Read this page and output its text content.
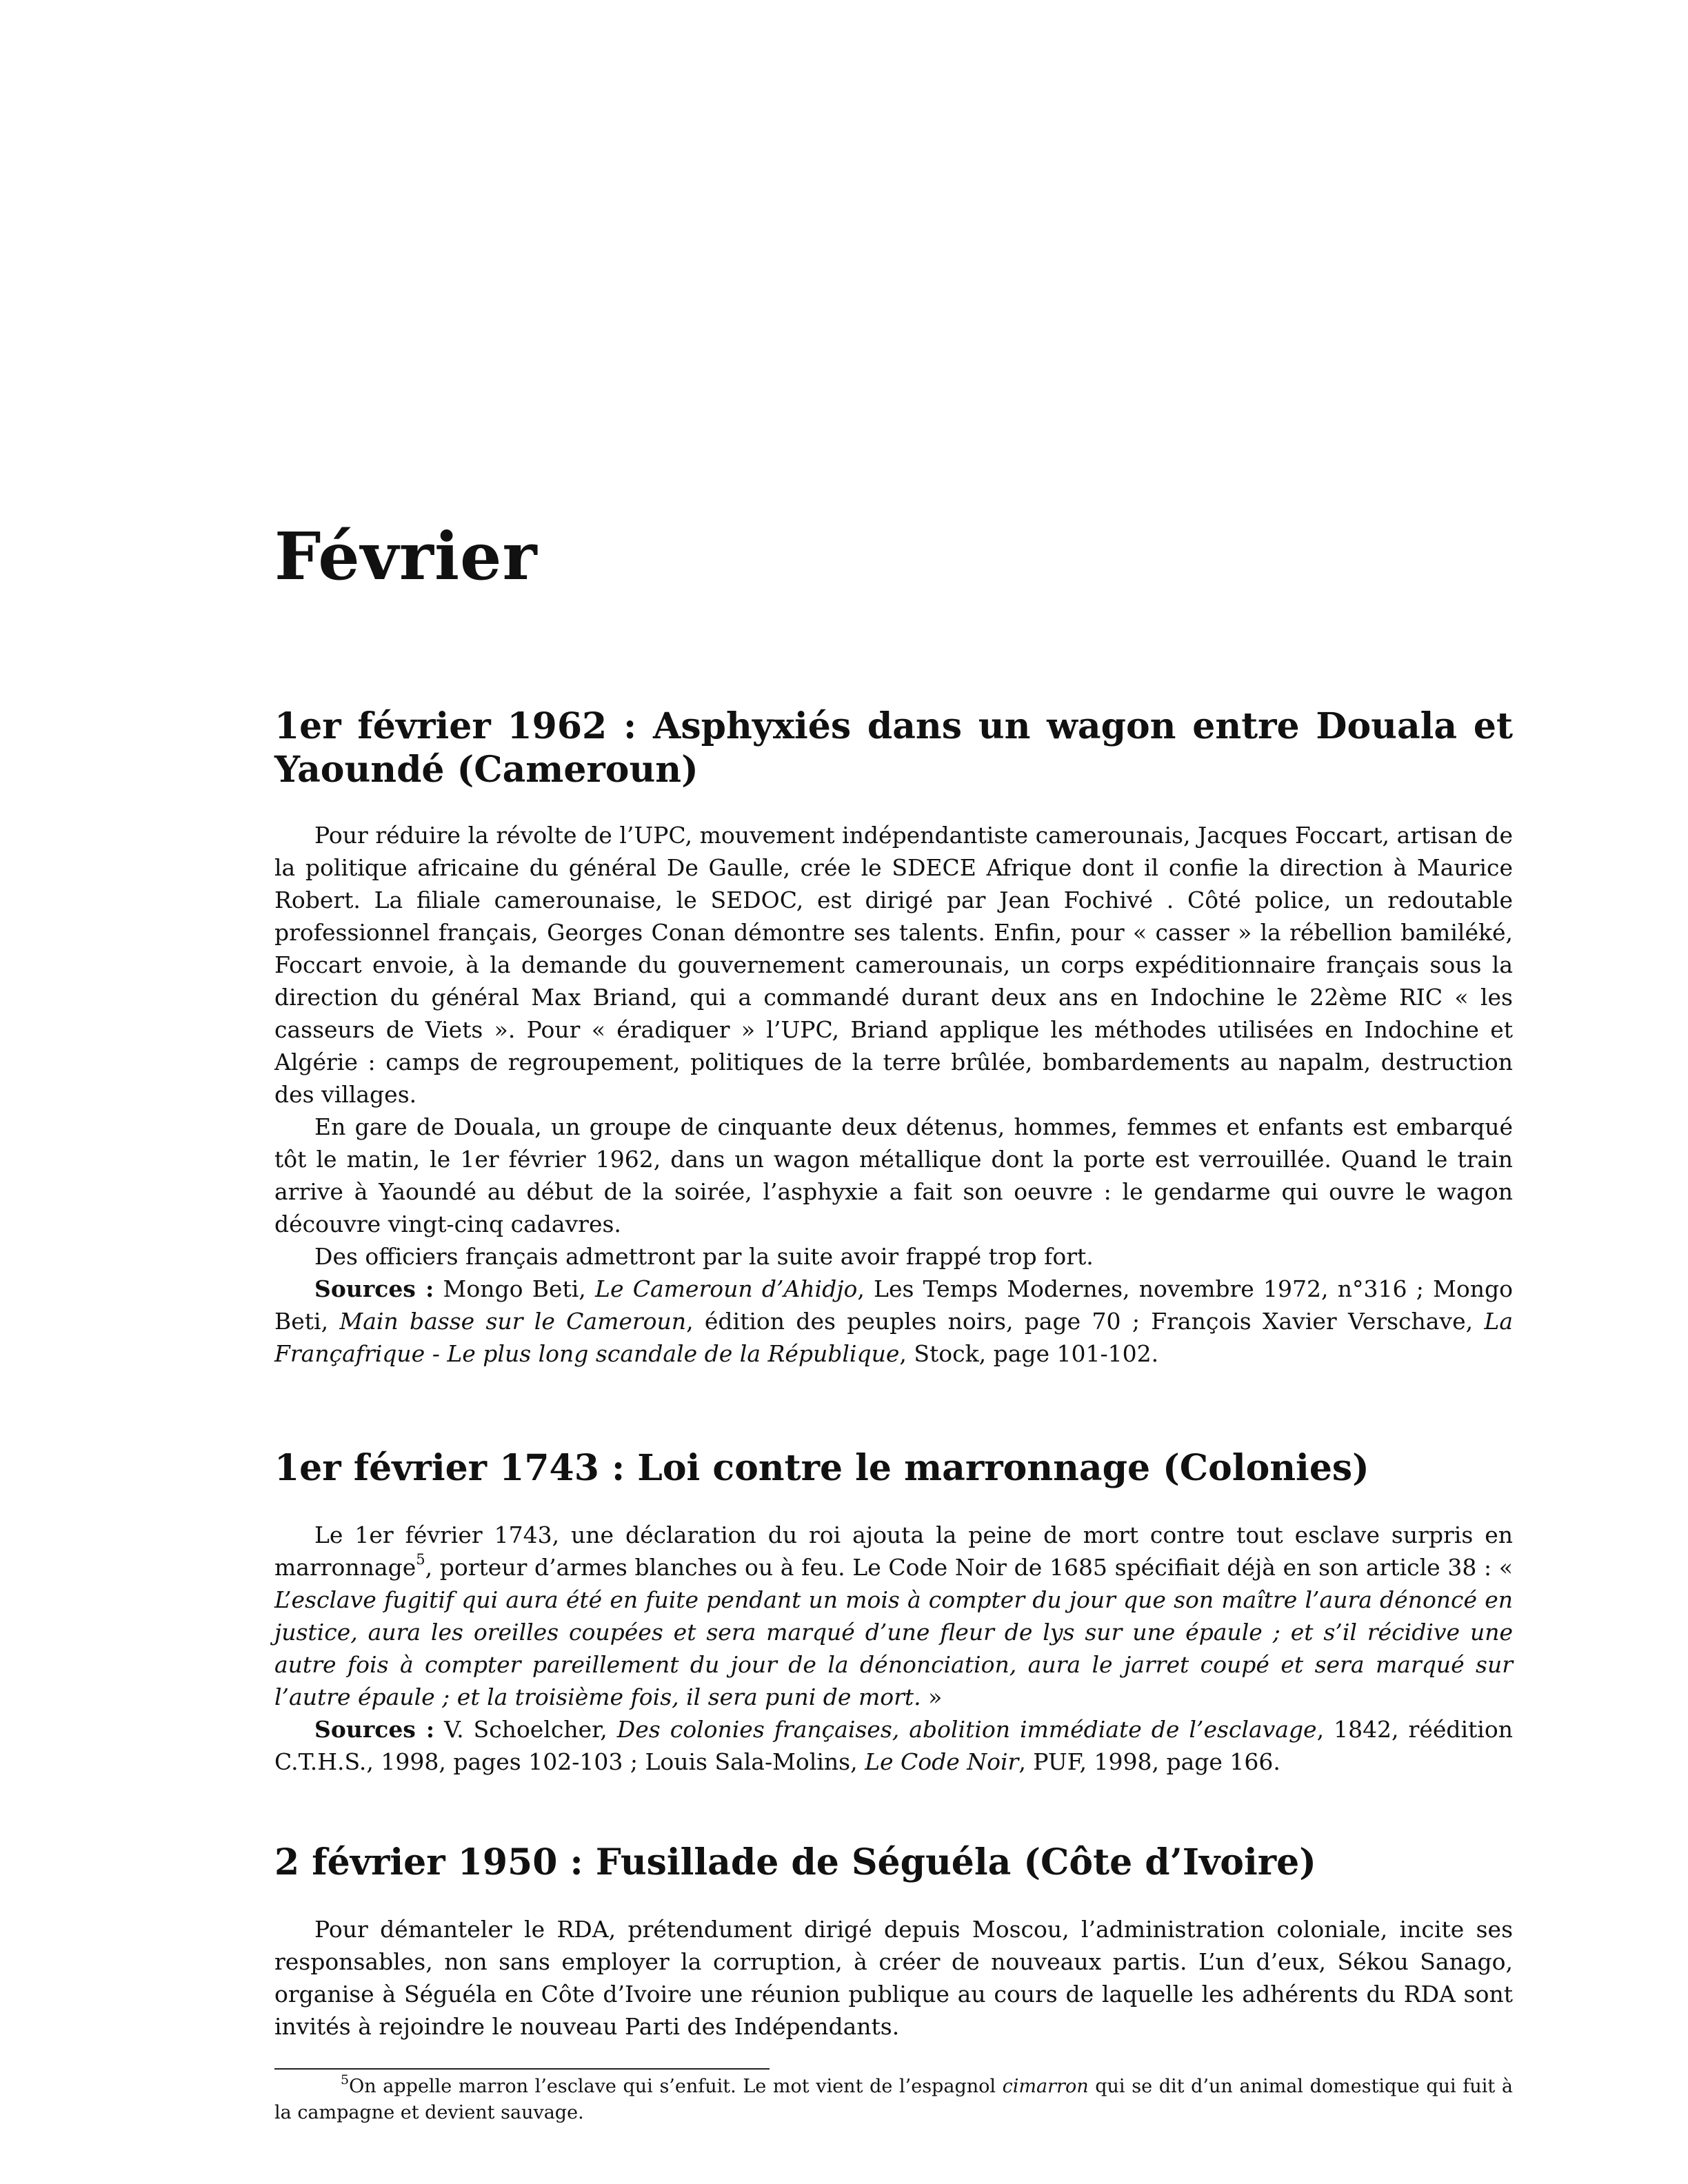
Février
1er février 1962 : Asphyxiés dans un wagon entre Douala et Yaoundé (Cameroun)

Pour réduire la révolte de l’UPC, mouvement indépendantiste camerounais, Jacques Foccart, artisan de la politique africaine du général De Gaulle, crée le SDECE Afrique dont il confie la direction à Maurice Robert. La filiale camerounaise, le SEDOC, est dirigé par Jean Fochivé . Côté police, un redoutable professionnel français, Georges Conan démontre ses talents. Enfin, pour « casser » la rébellion bamiléké, Foccart envoie, à la demande du gouvernement camerounais, un corps expéditionnaire français sous la direction du général Max Briand, qui a commandé durant deux ans en Indochine le 22ème RIC « les casseurs de Viets ». Pour « éradiquer » l’UPC, Briand applique les méthodes utilisées en Indochine et Algérie : camps de regroupement, politiques de la terre brûlée, bombardements au napalm, destruction des villages.

En gare de Douala, un groupe de cinquante deux détenus, hommes, femmes et enfants est embarqué tôt le matin, le 1er février 1962, dans un wagon métallique dont la porte est verrouillée. Quand le train arrive à Yaoundé au début de la soirée, l’asphyxie a fait son oeuvre : le gendarme qui ouvre le wagon découvre vingt-cinq cadavres.

Des officiers français admettront par la suite avoir frappé trop fort.

Sources : Mongo Beti, Le Cameroun d’Ahidjo, Les Temps Modernes, novembre 1972, n°316 ; Mongo Beti, Main basse sur le Cameroun, édition des peuples noirs, page 70 ; François Xavier Verschave, La Françafrique - Le plus long scandale de la République, Stock, page 101-102.

1er février 1743 : Loi contre le marronnage (Colonies)

Le 1er février 1743, une déclaration du roi ajouta la peine de mort contre tout esclave surpris en marronnage$^5$, porteur d’armes blanches ou à feu. Le Code Noir de 1685 spécifiait déjà en son article 38 : « L’esclave fugitif qui aura été en fuite pendant un mois à compter du jour que son maître l’aura dénoncé en justice, aura les oreilles coupées et sera marqué d’une fleur de lys sur une épaule ; et s’il récidive une autre fois à compter pareillement du jour de la dénonciation, aura le jarret coupé et sera marqué sur l’autre épaule ; et la troisième fois, il sera puni de mort. »

Sources : V. Schoelcher, Des colonies françaises, abolition immédiate de l’esclavage, 1842, réédition C.T.H.S., 1998, pages 102-103 ; Louis Sala-Molins, Le Code Noir, PUF, 1998, page 166.

2 février 1950 : Fusillade de Séguéla (Côte d’Ivoire)

Pour démanteler le RDA, prétendument dirigé depuis Moscou, l’administration coloniale, incite ses responsables, non sans employer la corruption, à créer de nouveaux partis. L’un d’eux, Sékou Sanago, organise à Séguéla en Côte d’Ivoire une réunion publique au cours de laquelle les adhérents du RDA sont invités à rejoindre le nouveau Parti des Indépendants.

$^5$On appelle marron l’esclave qui s’enfuit. Le mot vient de l’espagnol cimarron qui se dit d’un animal domestique qui fuit à la campagne et devient sauvage.
